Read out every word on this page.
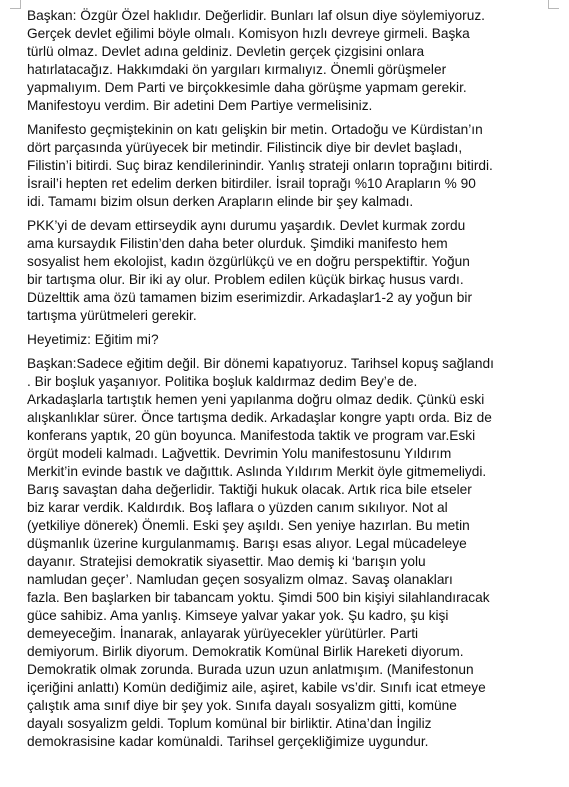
Başkan: Özgür Özel haklıdır. Değerlidir. Bunları laf olsun diye söylemiyoruz.
Gerçek devlet eğilimi böyle olmalı. Komisyon hızlı devreye girmeli. Başka
türlü olmaz. Devlet adına geldiniz. Devletin gerçek çizgisini onlara
hatırlatacağız. Hakkımdaki ön yargıları kırmalıyız. Önemli görüşmeler
yapmalıyım. Dem Parti ve birçokkesimle daha görüşme yapmam gerekir.
Manifestoyu verdim. Bir adetini Dem Partiye vermelisiniz.
Manifesto geçmiştekinin on katı gelişkin bir metin. Ortadoğu ve Kürdistan’ın
dört parçasında yürüyecek bir metindir. Filistincik diye bir devlet başladı,
Filistin’i bitirdi. Suç biraz kendilerinindir. Yanlış strateji onların toprağını bitirdi.
İsrail’i hepten ret edelim derken bitirdiler. İsrail toprağı %10 Arapların % 90
idi. Tamamı bizim olsun derken Arapların elinde bir şey kalmadı.
PKK’yi de devam ettirseydik aynı durumu yaşardık. Devlet kurmak zordu
ama kursaydık Filistin’den daha beter olurduk. Şimdiki manifesto hem
sosyalist hem ekolojist, kadın özgürlükçü ve en doğru perspektiftir. Yoğun
bir tartışma olur. Bir iki ay olur. Problem edilen küçük birkaç husus vardı.
Düzelttik ama özü tamamen bizim eserimizdir. Arkadaşlar1-2 ay yoğun bir
tartışma yürütmeleri gerekir.
Heyetimiz: Eğitim mi?
Başkan:Sadece eğitim değil. Bir dönemi kapatıyoruz. Tarihsel kopuş sağlandı
. Bir boşluk yaşanıyor. Politika boşluk kaldırmaz dedim Bey’e de.
Arkadaşlarla tartıştık hemen yeni yapılanma doğru olmaz dedik. Çünkü eski
alışkanlıklar sürer. Önce tartışma dedik. Arkadaşlar kongre yaptı orda. Biz de
konferans yaptık, 20 gün boyunca. Manifestoda taktik ve program var.Eski
örgüt modeli kalmadı. Lağvettik. Devrimin Yolu manifestosunu Yıldırım
Merkit’in evinde bastık ve dağıttık. Aslında Yıldırım Merkit öyle gitmemeliydi.
Barış savaştan daha değerlidir. Taktiği hukuk olacak. Artık rica bile etseler
biz karar verdik. Kaldırdık. Boş laflara o yüzden canım sıkılıyor. Not al
(yetkiliye dönerek) Önemli. Eski şey aşıldı. Sen yeniye hazırlan. Bu metin
düşmanlık üzerine kurgulanmamış. Barışı esas alıyor. Legal mücadeleye
dayanır. Stratejisi demokratik siyasettir. Mao demiş ki ‘barışın yolu
namludan geçer’. Namludan geçen sosyalizm olmaz. Savaş olanakları
fazla. Ben başlarken bir tabancam yoktu. Şimdi 500 bin kişiyi silahlandıracak
güce sahibiz. Ama yanlış. Kimseye yalvar yakar yok. Şu kadro, şu kişi
demeyeceğim. İnanarak, anlayarak yürüyecekler yürütürler. Parti
demiyorum. Birlik diyorum. Demokratik Komünal Birlik Hareketi diyorum.
Demokratik olmak zorunda. Burada uzun uzun anlatmışım. (Manifestonun
içeriğini anlattı) Komün dediğimiz aile, aşiret, kabile vs’dir. Sınıfı icat etmeye
çalıştık ama sınıf diye bir şey yok. Sınıfa dayalı sosyalizm gitti, komüne
dayalı sosyalizm geldi. Toplum komünal bir birliktir. Atina’dan İngiliz
demokrasisine kadar komünaldi. Tarihsel gerçekliğimize uygundur.
